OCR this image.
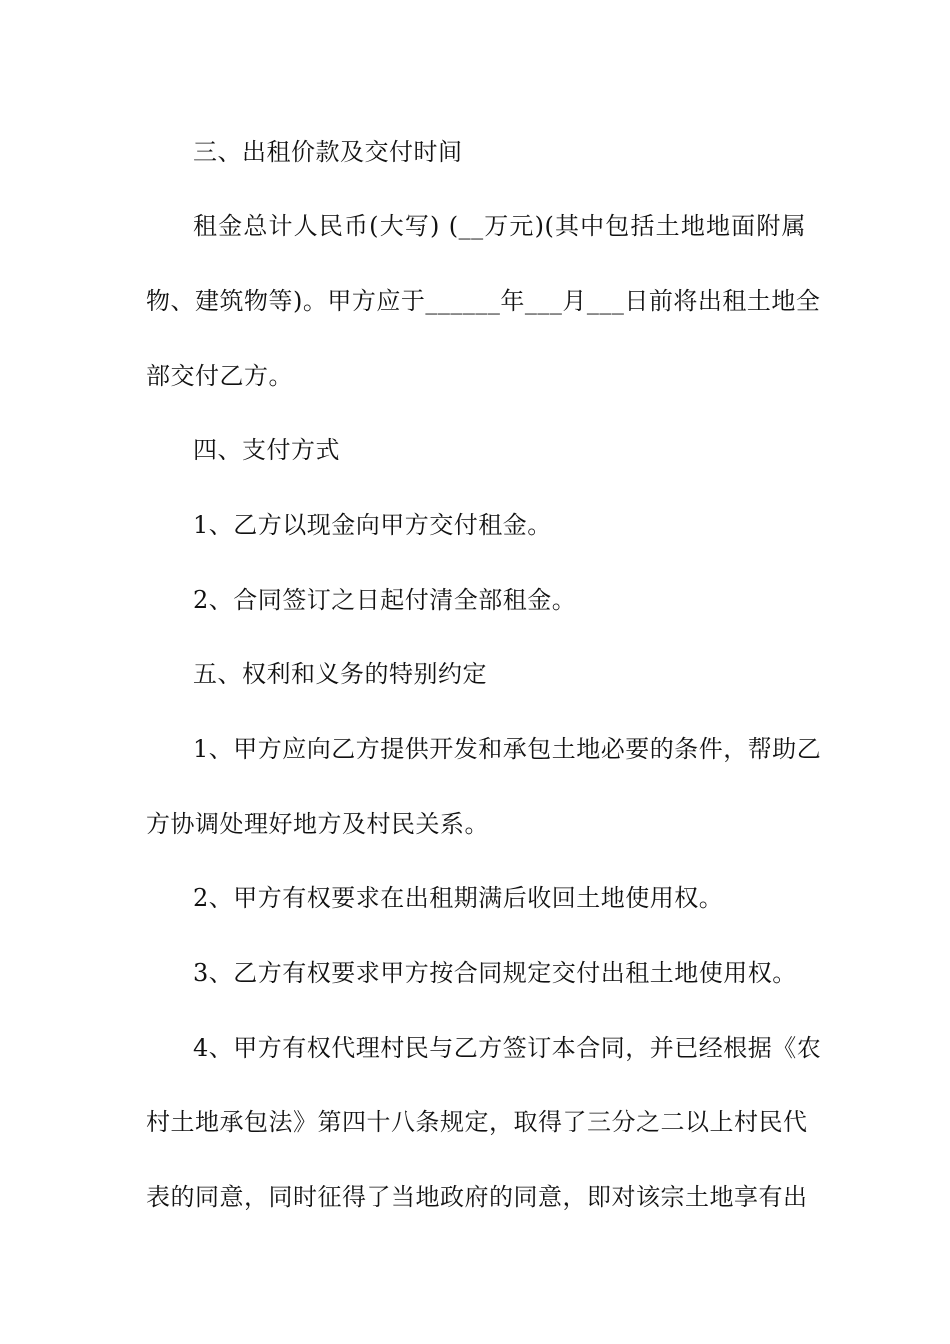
三、出租价款及交付时间
租金总计人民币(大写) (__万元)(其中包括土地地面附属
物、建筑物等)。甲方应于______年___月___日前将出租土地全
部交付乙方。
四、支付方式
1、乙方以现金向甲方交付租金。
2、合同签订之日起付清全部租金。
五、权利和义务的特别约定
1、甲方应向乙方提供开发和承包土地必要的条件，帮助乙
方协调处理好地方及村民关系。
2、甲方有权要求在出租期满后收回土地使用权。
3、乙方有权要求甲方按合同规定交付出租土地使用权。
4、甲方有权代理村民与乙方签订本合同，并已经根据《农
村土地承包法》第四十八条规定，取得了三分之二以上村民代
表的同意，同时征得了当地政府的同意，即对该宗土地享有出
